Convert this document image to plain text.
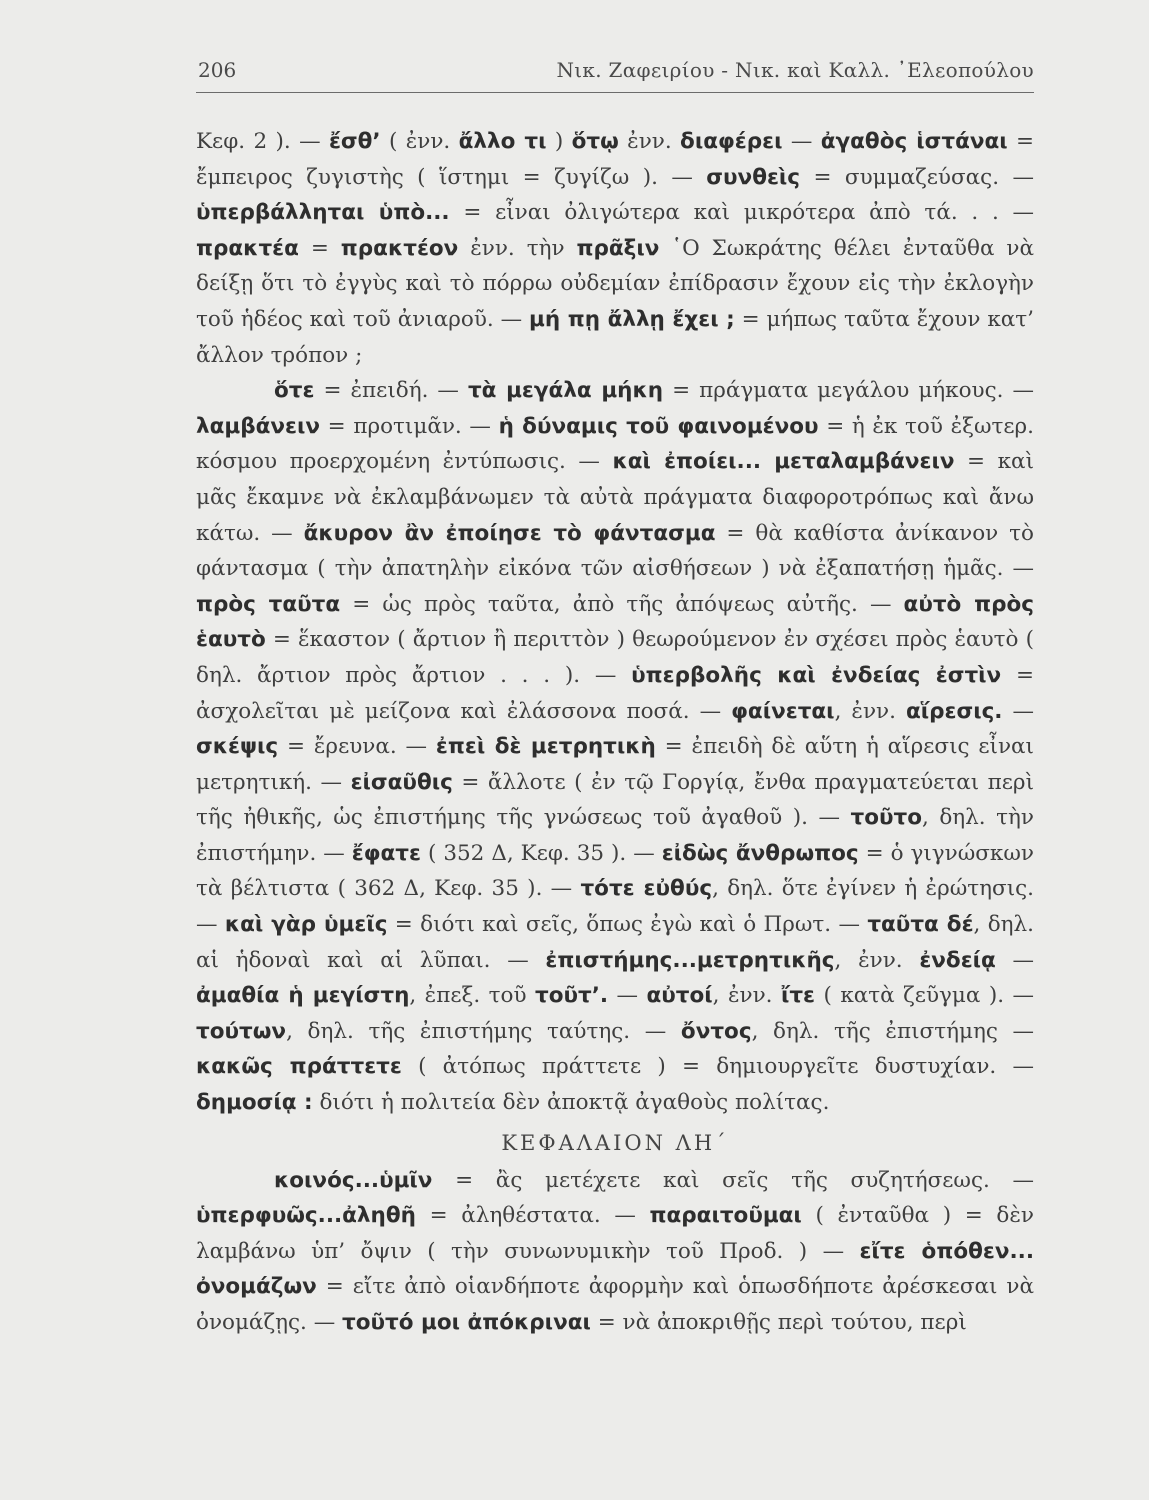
206	Νικ. Ζαφειρίου - Νικ. καὶ Καλλ. ᾿Ελεοπούλου

Κεφ. 2 ). — ἔσθ’ ( ἐνν. ἄλλο τι ) ὅτῳ ἐνν. διαφέρει — ἀγαθὸς ἱστάναι = ἔμπειρος ζυγιστὴς ( ἵστημι = ζυγίζω ). — συνθεὶς = συμμαζεύσας. — ὑπερβάλληται ὑπὸ... = εἶναι ὀλιγώτερα καὶ μικρότερα ἀπὸ τά. . . — πρακτέα = πρακτέον ἐνν. τὴν πρᾶξιν ῾Ο Σωκράτης θέλει ἐνταῦθα νὰ δείξῃ ὅτι τὸ ἐγγὺς καὶ τὸ πόρρω οὐδεμίαν ἐπίδρασιν ἔχουν εἰς τὴν ἐκλογὴν τοῦ ἡδέος καὶ τοῦ ἀνιαροῦ. — μή πῃ ἄλλῃ ἔχει ; = μήπως ταῦτα ἔχουν κατ’ ἄλλον τρόπον ;

ὅτε = ἐπειδή. — τὰ μεγάλα μήκη = πράγματα μεγάλου μήκους. — λαμβάνειν = προτιμᾶν. — ἡ δύναμις τοῦ φαινομένου = ἡ ἐκ τοῦ ἐξωτερ. κόσμου προερχομένη ἐντύπωσις. — καὶ ἐποίει... μεταλαμβάνειν = καὶ μᾶς ἔκαμνε νὰ ἐκλαμβάνωμεν τὰ αὐτὰ πράγματα διαφοροτρόπως καὶ ἄνω κάτω. — ἄκυρον ἂν ἐποίησε τὸ φάντασμα = θὰ καθίστα ἀνίκανον τὸ φάντασμα ( τὴν ἀπατηλὴν εἰκόνα τῶν αἰσθήσεων ) νὰ ἐξαπατήσῃ ἡμᾶς. — πρὸς ταῦτα = ὡς πρὸς ταῦτα, ἀπὸ τῆς ἀπόψεως αὐτῆς. — αὐτὸ πρὸς ἑαυτὸ = ἕκαστον ( ἄρτιον ἢ περιττὸν ) θεωρούμενον ἐν σχέσει πρὸς ἑαυτὸ ( δηλ. ἄρτιον πρὸς ἄρτιον . . . ). — ὑπερβολῆς καὶ ἐνδείας ἐστὶν = ἀσχολεῖται μὲ μείζονα καὶ ἐλάσσονα ποσά. — φαίνεται, ἐνν. αἵρεσις. — σκέψις = ἔρευνα. — ἐπεὶ δὲ μετρητικὴ = ἐπειδὴ δὲ αὕτη ἡ αἵρεσις εἶναι μετρητική. — εἰσαῦθις = ἄλλοτε ( ἐν τῷ Γοργίᾳ, ἔνθα πραγματεύεται περὶ τῆς ἠθικῆς, ὡς ἐπιστήμης τῆς γνώσεως τοῦ ἀγαθοῦ ). — τοῦτο, δηλ. τὴν ἐπιστήμην. — ἔφατε ( 352 Δ, Κεφ. 35 ). — εἰδὼς ἄνθρωπος = ὁ γιγνώσκων τὰ βέλτιστα ( 362 Δ, Κεφ. 35 ). — τότε εὐθύς, δηλ. ὅτε ἐγίνεν ἡ ἐρώτησις. — καὶ γὰρ ὑμεῖς = διότι καὶ σεῖς, ὅπως ἐγὼ καὶ ὁ Πρωτ. — ταῦτα δέ, δηλ. αἱ ἡδοναὶ καὶ αἱ λῦπαι. — ἐπιστήμης...μετρητικῆς, ἐνν. ἐνδείᾳ — ἀμαθία ἡ μεγίστη, ἐπεξ. τοῦ τοῦτ’. — αὐτοί, ἐνν. ἴτε ( κατὰ ζεῦγμα ). — τούτων, δηλ. τῆς ἐπιστήμης ταύτης. — ὄντος, δηλ. τῆς ἐπιστήμης — κακῶς πράττετε ( ἀτόπως πράττετε ) = δημιουργεῖτε δυστυχίαν. — δημοσίᾳ : διότι ἡ πολιτεία δὲν ἀποκτᾷ ἀγαθοὺς πολίτας.

ΚΕΦΑΛΑΙΟΝ ΛΗ΄

κοινός...ὑμῖν = ἂς μετέχετε καὶ σεῖς τῆς συζητήσεως. — ὑπερφυῶς...ἀληθῆ = ἀληθέστατα. — παραιτοῦμαι ( ἐνταῦθα ) = δὲν λαμβάνω ὑπ’ ὄψιν ( τὴν συνωνυμικὴν τοῦ Προδ. ) — εἴτε ὁπόθεν... ὀνομάζων = εἴτε ἀπὸ οἱανδήποτε ἀφορμὴν καὶ ὁπωσδήποτε ἀρέσκεσαι νὰ ὀνομάζῃς. — τοῦτό μοι ἀπόκριναι = νὰ ἀποκριθῇς περὶ τούτου, περὶ
